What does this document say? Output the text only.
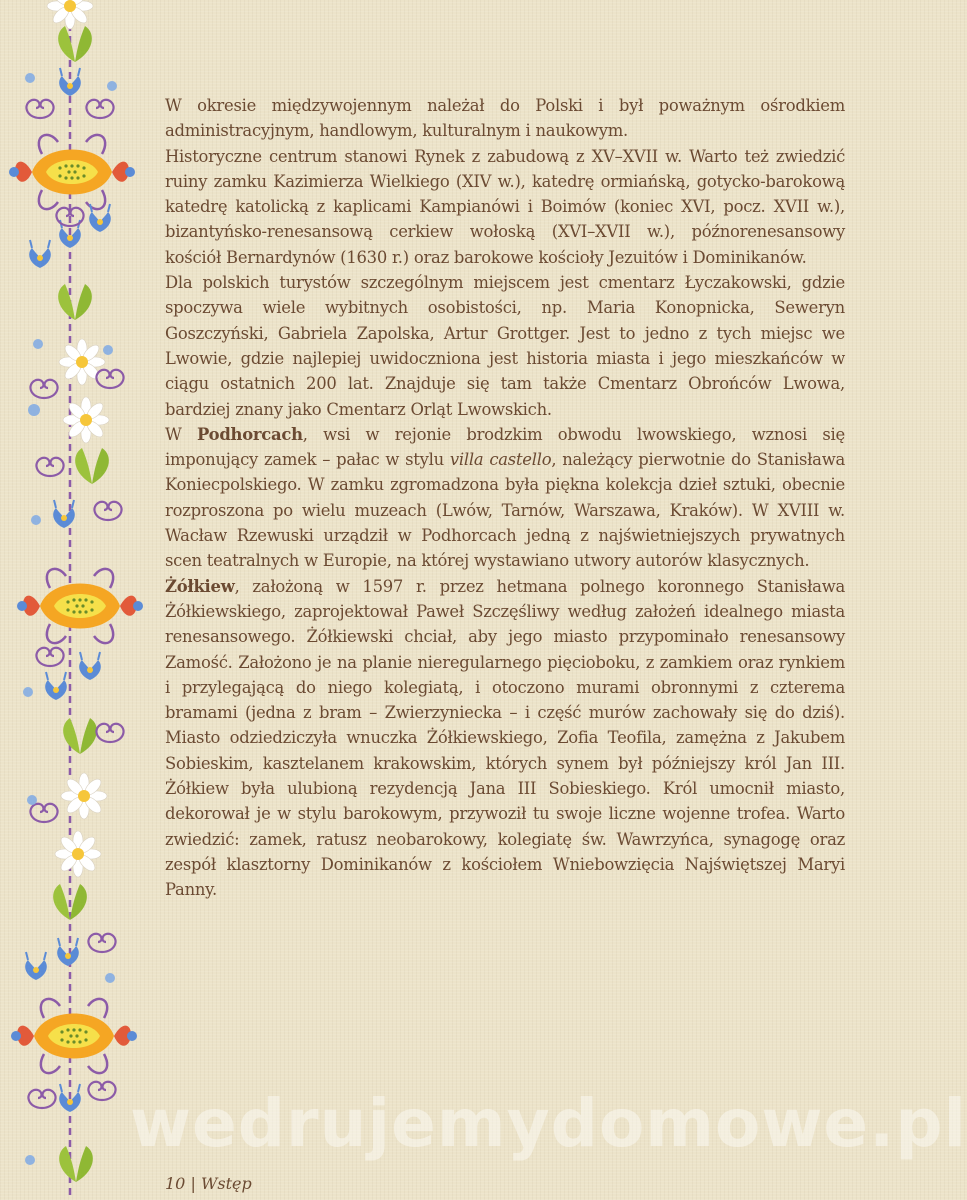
W okresie międzywojennym należał do Polski i był poważnym ośrodkiem administracyjnym, handlowym, kulturalnym i naukowym.

Historyczne centrum stanowi Rynek z zabudową z XV–XVII w. Warto też zwiedzić ruiny zamku Kazimierza Wielkiego (XIV w.), katedrę ormiańską, gotycko-barokową katedrę katolicką z kaplicami Kampianówi i Boimów (koniec XVI, pocz. XVII w.), bizantyńsko-renesansową cerkiew wołoską (XVI–XVII w.), późnorenesansowy kościół Bernardynów (1630 r.) oraz barokowe kościoły Jezuitów i Dominikanów.

Dla polskich turystów szczególnym miejscem jest cmentarz Łyczakowski, gdzie spoczywa wiele wybitnych osobistości, np. Maria Konopnicka, Seweryn Goszczyński, Gabriela Zapolska, Artur Grottger. Jest to jedno z tych miejsc we Lwowie, gdzie najlepiej uwidoczniona jest historia miasta i jego mieszkańców w ciągu ostatnich 200 lat. Znajduje się tam także Cmentarz Obrońców Lwowa, bardziej znany jako Cmentarz Orląt Lwowskich.

W Podhorcach, wsi w rejonie brodzkim obwodu lwowskiego, wznosi się imponujący zamek – pałac w stylu villa castello, należący pierwotnie do Stanisława Koniecpolskiego. W zamku zgromadzona była piękna kolekcja dzieł sztuki, obecnie rozproszona po wielu muzeach (Lwów, Tarnów, Warszawa, Kraków). W XVIII w. Wacław Rzewuski urządził w Podhorcach jedną z najświetniejszych prywatnych scen teatralnych w Europie, na której wystawiano utwory autorów klasycznych.

Żółkiew, założoną w 1597 r. przez hetmana polnego koronnego Stanisława Żółkiewskiego, zaprojektował Paweł Szczęśliwy według założeń idealnego miasta renesansowego. Żółkiewski chciał, aby jego miasto przypominało renesansowy Zamość. Założono je na planie nieregularnego pięcioboku, z zamkiem oraz rynkiem i przylegającą do niego kolegiatą, i otoczono murami obronnymi z czterema bramami (jedna z bram – Zwierzyniecka – i część murów zachowały się do dziś). Miasto odziedziczyła wnuczka Żółkiewskiego, Zofia Teofila, zamężna z Jakubem Sobieskim, kasztelanem krakowskim, których synem był późniejszy król Jan III. Żółkiew była ulubioną rezydencją Jana III Sobieskiego. Król umocnił miasto, dekorował je w stylu barokowym, przywoził tu swoje liczne wojenne trofea. Warto zwiedzić: zamek, ratusz neobarokowy, kolegiatę św. Wawrzyńca, synagogę oraz zespół klasztorny Dominikanów z kościołem Wniebowzięcia Najświętszej Maryi Panny.

wedrujemydomowe.pl
10 | Wstęp
